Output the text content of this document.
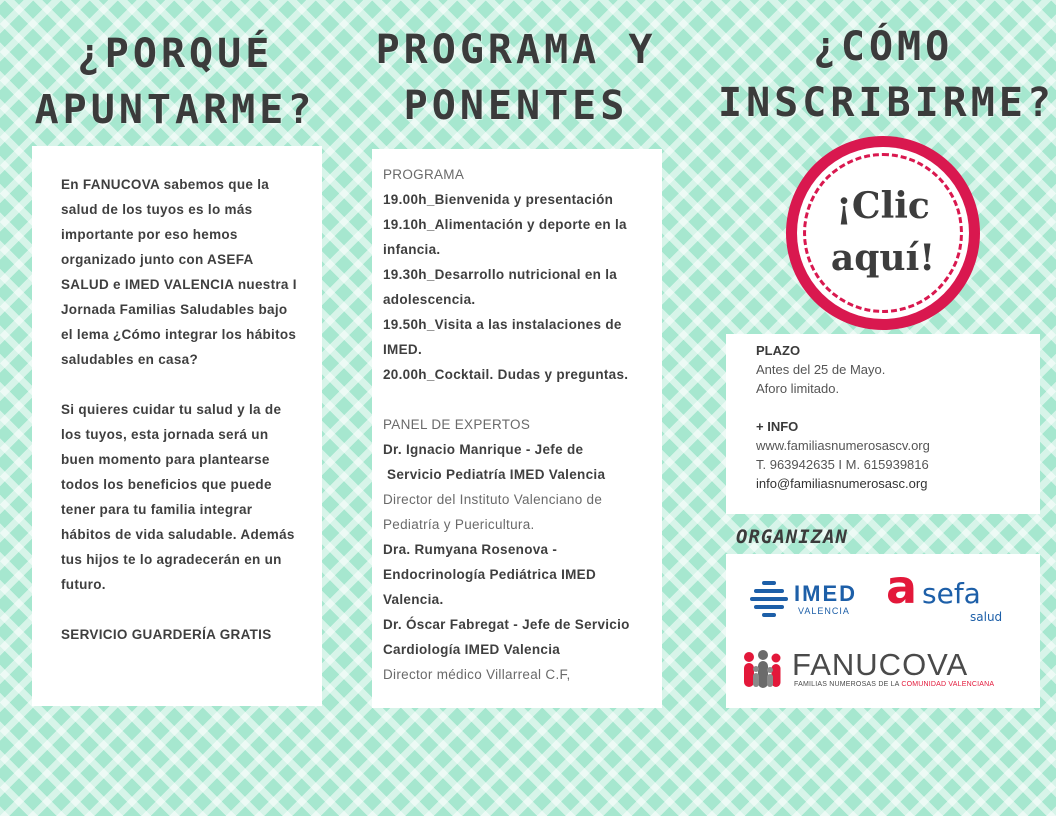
¿PORQUÉ
APUNTARME?

En FANUCOVA sabemos que la salud de los tuyos es lo más importante por eso hemos organizado junto con ASEFA SALUD e IMED VALENCIA nuestra I Jornada Familias Saludables bajo el lema ¿Cómo integrar los hábitos saludables en casa?

Si quieres cuidar tu salud y la de los tuyos, esta jornada será un buen momento para plantearse todos los beneficios que puede tener para tu familia integrar hábitos de vida saludable. Además tus hijos te lo agradecerán en un futuro.

SERVICIO GUARDERÍA GRATIS

PROGRAMA Y
PONENTES

PROGRAMA

19.00h_Bienvenida y presentación

19.10h_Alimentación y deporte en la infancia.

19.30h_Desarrollo nutricional en la adolescencia.

19.50h_Visita a las instalaciones de IMED.

20.00h_Cocktail. Dudas y preguntas.

PANEL DE EXPERTOS

Dr. Ignacio Manrique - Jefe de

Servicio Pediatría IMED Valencia

Director del Instituto Valenciano de Pediatría y Puericultura.

Dra. Rumyana Rosenova - Endocrinología Pediátrica IMED Valencia.

Dr. Óscar Fabregat - Jefe de Servicio Cardiología IMED Valencia

Director médico Villarreal C.F,

¿CÓMO
INSCRIBIRME?
¡Clic
aquí!
PLAZO
Antes del 25 de Mayo.
Aforo limitado.
+ INFO
www.familiasnumerosascv.org
T. 963942635 I M. 615939816
info@familiasnumerosasc.org
ORGANIZAN
IMED
VALENCIA a sefa
salud
FANUCOVA
FAMILIAS NUMEROSAS DE LA COMUNIDAD VALENCIANA
